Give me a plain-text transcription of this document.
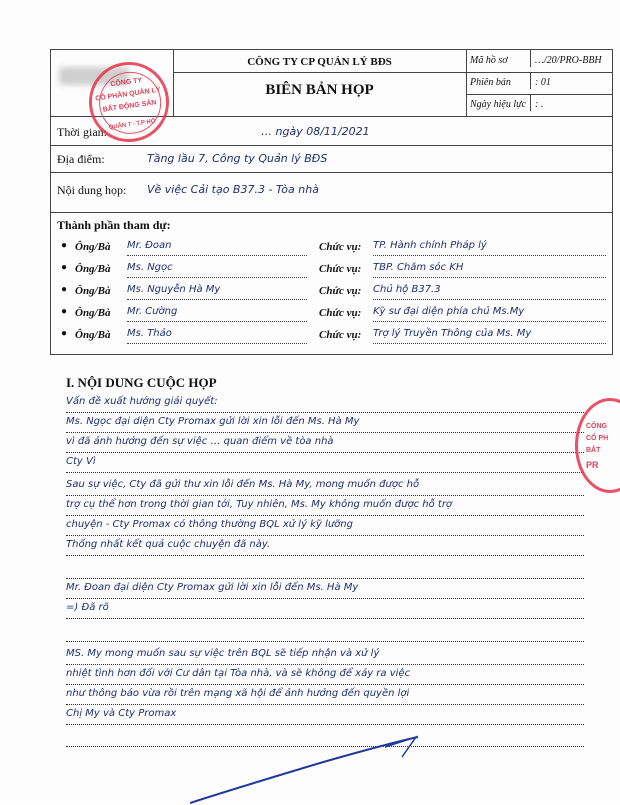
CÔNG TY CP QUẢN LÝ BĐS
BIÊN BẢN HỌP
Mã hồ sơ	…/20/PRO-BBH
Phiên bản	: 01
Ngày hiệu lực : .
Thời gian:	… ngày 08/11/2021
Địa điểm:	Tầng lầu 7, Công ty Quản lý BĐS
Nội dung họp: Về việc Cải tạo B37.3 - Tòa nhà
CÔNG TY
CỔ PHẦN QUẢN LÝ
BẤT ĐỘNG SẢN
QUẬN 7 - T.P HỒ
Thành phần tham dự:
● Ông/Bà Mr. Đoan	Chức vụ: TP. Hành chính Pháp lý
● Ông/Bà Ms. Ngọc	Chức vụ: TBP. Chăm sóc KH
● Ông/Bà Ms. Nguyễn Hà My	Chức vụ: Chủ hộ B37.3
● Ông/Bà Mr. Cường	Chức vụ: Kỹ sư đại diện phía chủ Ms.My
● Ông/Bà Ms. Thảo	Chức vụ: Trợ lý Truyền Thông của Ms. My
I. NỘI DUNG CUỘC HỌP
Vấn đề xuất hướng giải quyết:
Ms. Ngọc đại diện Cty Promax gửi lời xin lỗi đến Ms. Hà My
vì đã ảnh hưởng đến sự việc … quan điểm về tòa nhà
Cty Vì
Sau sự việc, Cty đã gửi thư xin lỗi đến Ms. Hà My, mong muốn được hỗ
trợ cụ thể hơn trong thời gian tới, Tuy nhiên, Ms. My không muốn được hỗ trợ
chuyện - Cty Promax có thông thường BQL xử lý kỹ lưỡng
Thống nhất kết quả cuộc chuyện đã này.
Mr. Đoan đại diện Cty Promax gửi lời xin lỗi đến Ms. Hà My
=) Đã rõ
MS. My mong muốn sau sự việc trên BQL sẽ tiếp nhận và xử lý
nhiệt tình hơn đối với Cư dân tại Tòa nhà, và sẽ không để xảy ra việc
như thông báo vừa rồi trên mạng xã hội để ảnh hưởng đến quyền lợi
Chị My và Cty Promax
CÔNG
CỔ PH
BẤT
PR
